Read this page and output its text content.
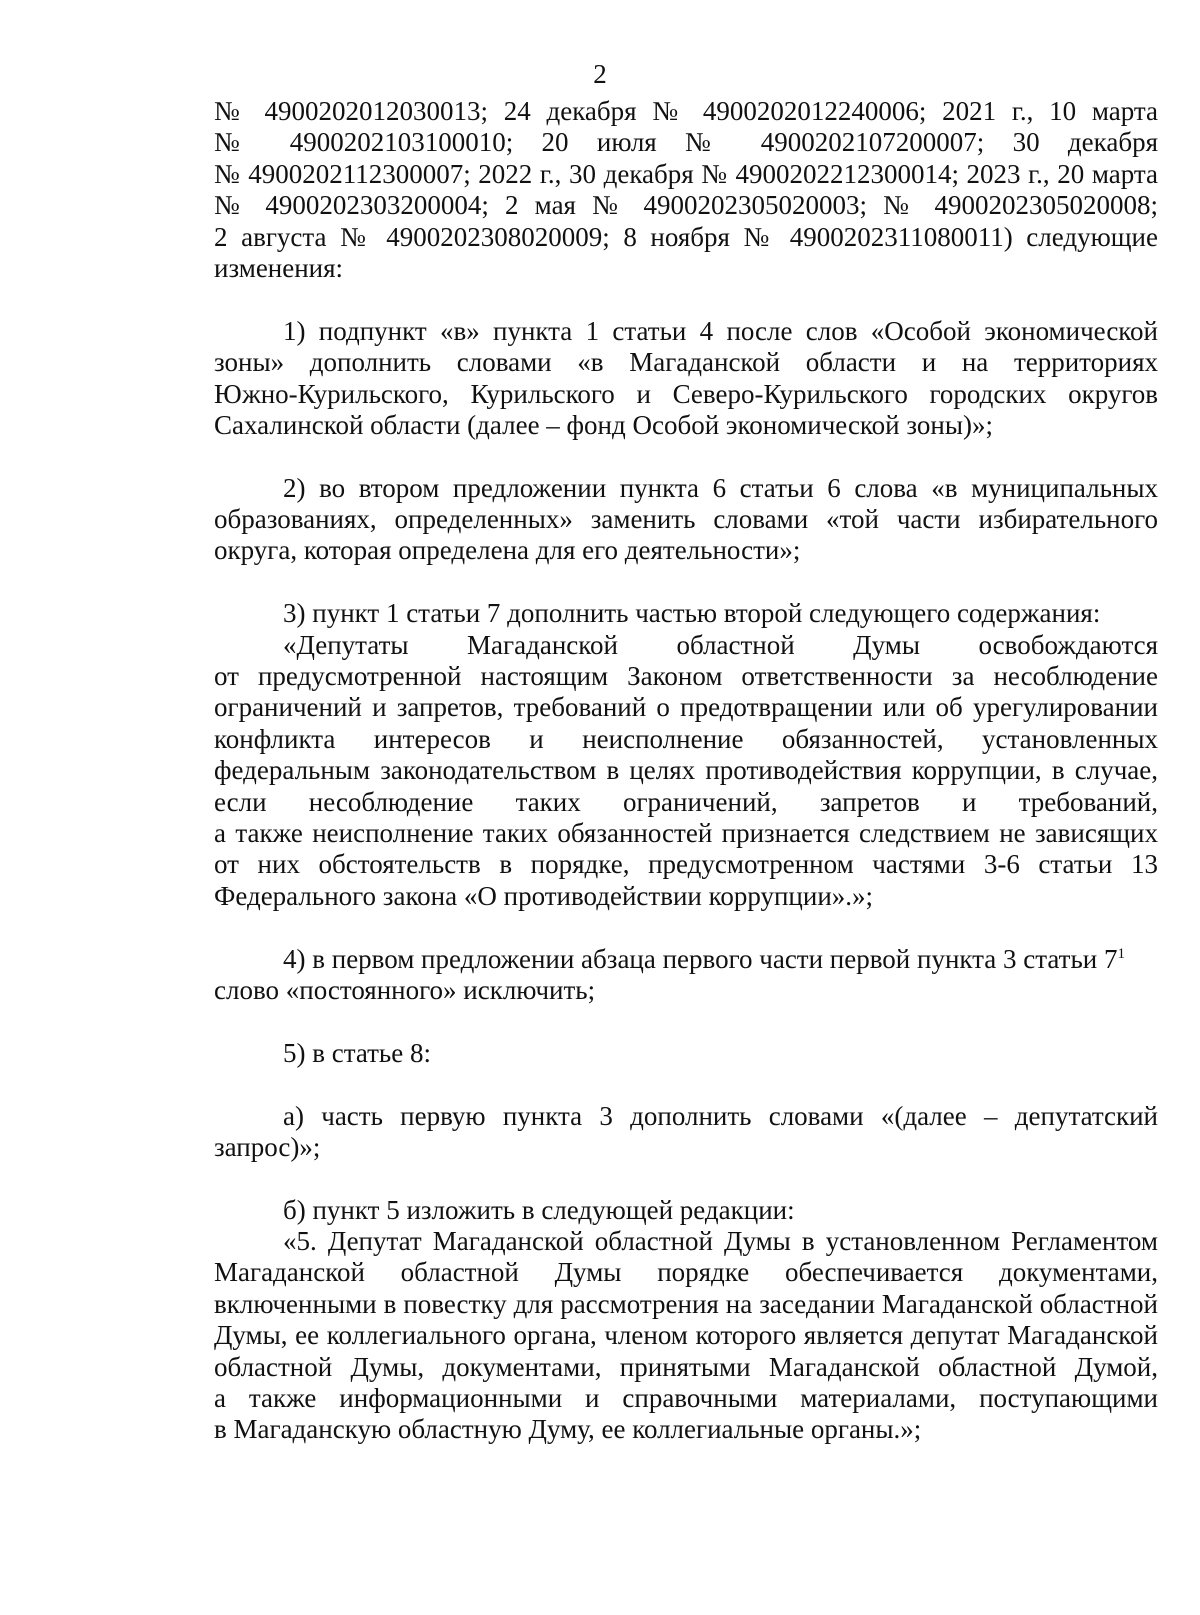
2
№ 4900202012030013; 24 декабря № 4900202012240006; 2021 г., 10 марта
№ 4900202103100010; 20 июля № 4900202107200007; 30 декабря
№ 4900202112300007; 2022 г., 30 декабря № 4900202212300014; 2023 г., 20 марта
№ 4900202303200004; 2 мая № 4900202305020003; № 4900202305020008;
2 августа № 4900202308020009; 8 ноября № 4900202311080011) следующие
изменения:
1) подпункт «в» пункта 1 статьи 4 после слов «Особой экономической
зоны» дополнить словами «в Магаданской области и на территориях
Южно-Курильского, Курильского и Северо-Курильского городских округов
Сахалинской области (далее – фонд Особой экономической зоны)»;
2) во втором предложении пункта 6 статьи 6 слова «в муниципальных
образованиях, определенных» заменить словами «той части избирательного
округа, которая определена для его деятельности»;
3) пункт 1 статьи 7 дополнить частью второй следующего содержания:
«Депутаты Магаданской областной Думы освобождаются
от предусмотренной настоящим Законом ответственности за несоблюдение
ограничений и запретов, требований о предотвращении или об урегулировании
конфликта интересов и неисполнение обязанностей, установленных
федеральным законодательством в целях противодействия коррупции, в случае,
если несоблюдение таких ограничений, запретов и требований,
а также неисполнение таких обязанностей признается следствием не зависящих
от них обстоятельств в порядке, предусмотренном частями 3-6 статьи 13
Федерального закона «О противодействии коррупции».»;
4) в первом предложении абзаца первого части первой пункта 3 статьи $7^1$
слово «постоянного» исключить;
5) в статье 8:
а) часть первую пункта 3 дополнить словами «(далее – депутатский
запрос)»;
б) пункт 5 изложить в следующей редакции:
«5. Депутат Магаданской областной Думы в установленном Регламентом
Магаданской областной Думы порядке обеспечивается документами,
включенными в повестку для рассмотрения на заседании Магаданской областной
Думы, ее коллегиального органа, членом которого является депутат Магаданской
областной Думы, документами, принятыми Магаданской областной Думой,
а также информационными и справочными материалами, поступающими
в Магаданскую областную Думу, ее коллегиальные органы.»;
